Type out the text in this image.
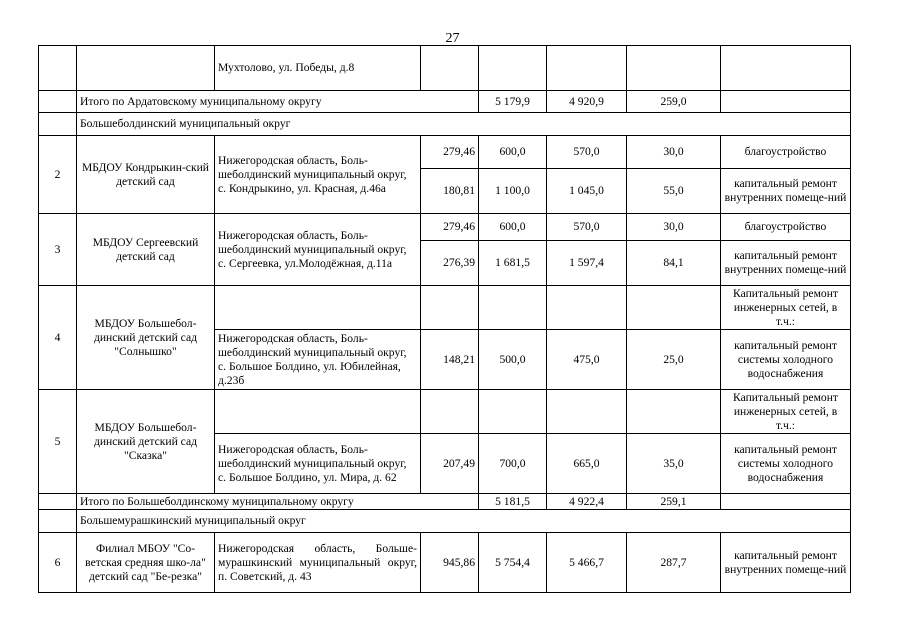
27
		Мухтолово, ул. Победы, д.8					
	Итого по Ардатовскому муниципальному округу			5 179,9	4 920,9	259,0	
	Большеболдинский муниципальный округ						
2	МБДОУ Кондрыкин-ский детский сад	Нижегородская область, Боль-шеболдинский муниципальный округ, с. Кондрыкино, ул. Красная, д.46а	279,46	600,0	570,0	30,0	благоустройство
			180,81	1 100,0	1 045,0	55,0	капитальный ремонт внутренних помеще-ний
3	МБДОУ Сергеевский детский сад	Нижегородская область, Боль-шеболдинский муниципальный округ, с. Сергеевка, ул.Молодёжная, д.11а	279,46	600,0	570,0	30,0	благоустройство
			276,39	1 681,5	1 597,4	84,1	капитальный ремонт внутренних помеще-ний
4	МБДОУ Большебол-динский детский сад "Солнышко"						Капитальный ремонт инженерных сетей, в т.ч.:
		Нижегородская область, Боль-шеболдинский муниципальный округ, с. Большое Болдино, ул. Юбилейная, д.23б	148,21	500,0	475,0	25,0	капитальный ремонт системы холодного водоснабжения
5	МБДОУ Большебол-динский детский сад "Сказка"						Капитальный ремонт инженерных сетей, в т.ч.:
		Нижегородская область, Боль-шеболдинский муниципальный округ, с. Большое Болдино, ул. Мира, д. 62	207,49	700,0	665,0	35,0	капитальный ремонт системы холодного водоснабжения
	Итого по Большеболдинскому муниципальному округу			5 181,5	4 922,4	259,1	
	Большемурашкинский муниципальный округ						
6	Филиал МБОУ "Со-ветская средняя шко-ла" детский сад "Бе-резка"	Нижегородская область, Больше-мурашкинский муниципальный округ, п. Советский, д. 43	945,86	5 754,4	5 466,7	287,7	капитальный ремонт внутренних помеще-ний
